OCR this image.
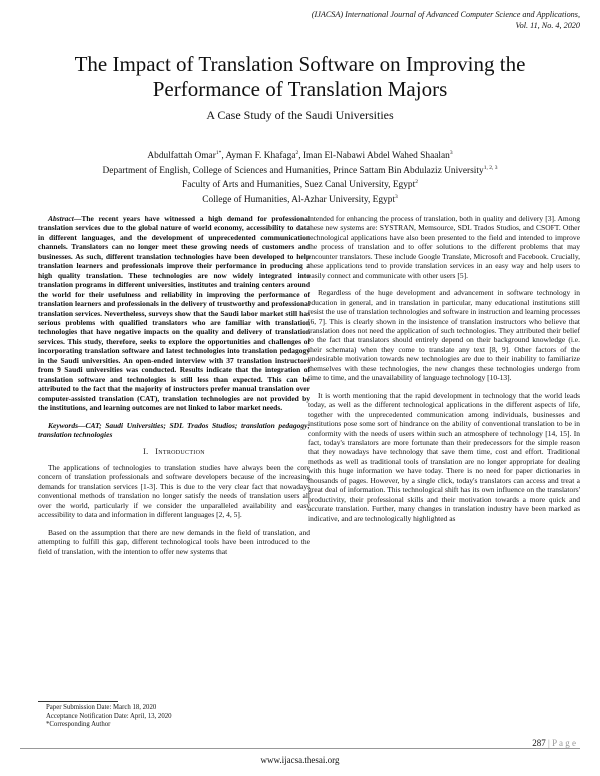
(IJACSA) International Journal of Advanced Computer Science and Applications,
Vol. 11, No. 4, 2020
The Impact of Translation Software on Improving the
Performance of Translation Majors
A Case Study of the Saudi Universities
Abdulfattah Omar$^{1*}$, Ayman F. Khafaga$^2$, Iman El-Nabawi Abdel Wahed Shaalan$^3$
Department of English, College of Sciences and Humanities, Prince Sattam Bin Abdulaziz University$^{1, 2, 3}$
Faculty of Arts and Humanities, Suez Canal University, Egypt$^2$
College of Humanities, Al-Azhar University, Egypt$^3$

Abstract—The recent years have witnessed a high demand for professional translation services due to the global nature of world economy, accessibility to data in different languages, and the development of unprecedented communication channels. Translators can no longer meet these growing needs of customers and businesses. As such, different translation technologies have been developed to help translation learners and professionals improve their performance in producing a high quality translation. These technologies are now widely integrated into translation programs in different universities, institutes and training centers around the world for their usefulness and reliability in improving the performance of translation learners and professionals in the delivery of trustworthy and professional translation services. Nevertheless, surveys show that the Saudi labor market still has serious problems with qualified translators who are familiar with translation technologies that have negative impacts on the quality and delivery of translation services. This study, therefore, seeks to explore the opportunities and challenges of incorporating translation software and latest technologies into translation pedagogy in the Saudi universities. An open-ended interview with 37 translation instructors from 9 Saudi universities was conducted. Results indicate that the integration of translation software and technologies is still less than expected. This can be attributed to the fact that the majority of instructors prefer manual translation over computer-assisted translation (CAT), translation technologies are not provided by the institutions, and learning outcomes are not linked to labor market needs.

Keywords—CAT; Saudi Universities; SDL Trados Studios; translation pedagogy; translation technologies

I. Introduction

The applications of technologies to translation studies have always been the core concern of translation professionals and software developers because of the increasing demands for translation services [1-3]. This is due to the very clear fact that nowadays conventional methods of translation no longer satisfy the needs of translation users all over the world, particularly if we consider the unparalleled availability and easy accessibility to data and information in different languages [2, 4, 5].

Based on the assumption that there are new demands in the field of translation, and attempting to fulfill this gap, different technological tools have been introduced to the field of translation, with the intention to offer new systems that

intended for enhancing the process of translation, both in quality and delivery [3]. Among these new systems are: SYSTRAN, Memsource, SDL Trados Studios, and CSOFT. Other technological applications have also been presented to the field and intended to improve the process of translation and to offer solutions to the different problems that may encounter translators. These include Google Translate, Microsoft and Facebook. Crucially, these applications tend to provide translation services in an easy way and help users to easily connect and communicate with other users [5].

Regardless of the huge development and advancement in software technology in education in general, and in translation in particular, many educational institutions still resist the use of translation technologies and software in instruction and learning processes [6, 7]. This is clearly shown in the insistence of translation instructors who believe that translation does not need the application of such technologies. They attributed their belief to the fact that translators should entirely depend on their background knowledge (i.e. their schemata) when they come to translate any text [8, 9]. Other factors of the undesirable motivation towards new technologies are due to their inability to familiarize themselves with these technologies, the new changes these technologies undergo from time to time, and the unavailability of language technology [10-13].

It is worth mentioning that the rapid development in technology that the world leads today, as well as the different technological applications in the different aspects of life, together with the unprecedented communication among individuals, businesses and institutions pose some sort of hindrance on the ability of conventional translation to be in conformity with the needs of users within such an atmosphere of technology [14, 15]. In fact, today's translators are more fortunate than their predecessors for the simple reason that they nowadays have technology that save them time, cost and effort. Traditional methods as well as traditional tools of translation are no longer appropriate for dealing with this huge information we have today. There is no need for paper dictionaries in thousands of pages. However, by a single click, today's translators can access and treat a great deal of information. This technological shift has its own influence on the translators' productivity, their professional skills and their motivation towards a more quick and accurate translation. Further, many changes in translation industry have been marked as indicative, and are technologically highlighted as

Paper Submission Date: March 18, 2020
Acceptance Notification Date: April, 13, 2020
*Corresponding Author
287 | P a g e
www.ijacsa.thesai.org
